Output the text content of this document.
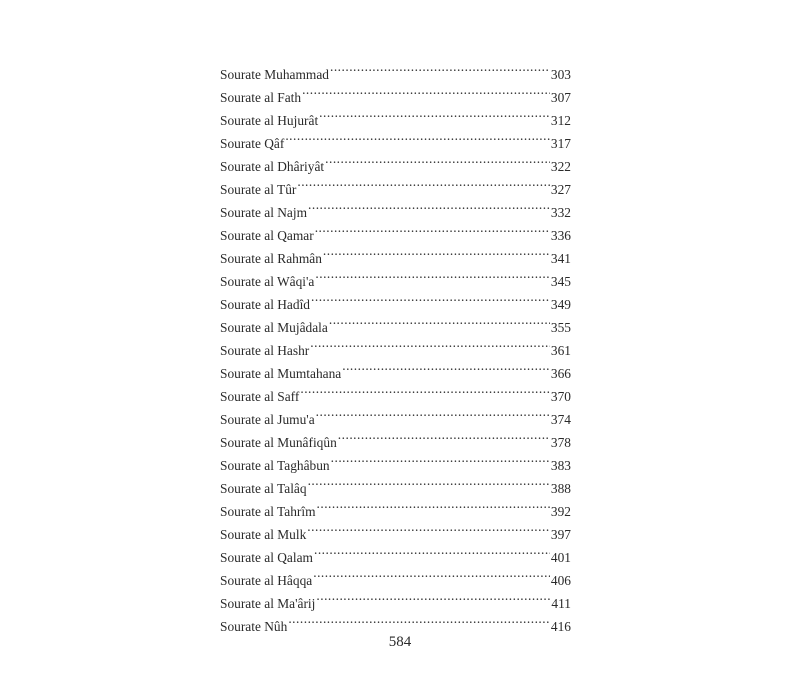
Sourate Muhammad .....	303
Sourate al Fath .....	307
Sourate al Hujurât .....	312
Sourate Qâf .....	317
Sourate al Dhâriyât .....	322
Sourate al Tûr .....	327
Sourate al Najm .....	332
Sourate al Qamar .....	336
Sourate al Rahmân .....	341
Sourate al Wâqi'a .....	345
Sourate al Hadîd .....	349
Sourate al Mujâdala .....	355
Sourate al Hashr .....	361
Sourate al Mumtahana .....	366
Sourate al Saff .....	370
Sourate al Jumu'a .....	374
Sourate al Munâfiqûn .....	378
Sourate al Taghâbun .....	383
Sourate al Talâq .....	388
Sourate al Tahrîm .....	392
Sourate al Mulk .....	397
Sourate al Qalam .....	401
Sourate al Hâqqa .....	406
Sourate al Ma'ârij .....	411
Sourate Nûh .....	416
584
